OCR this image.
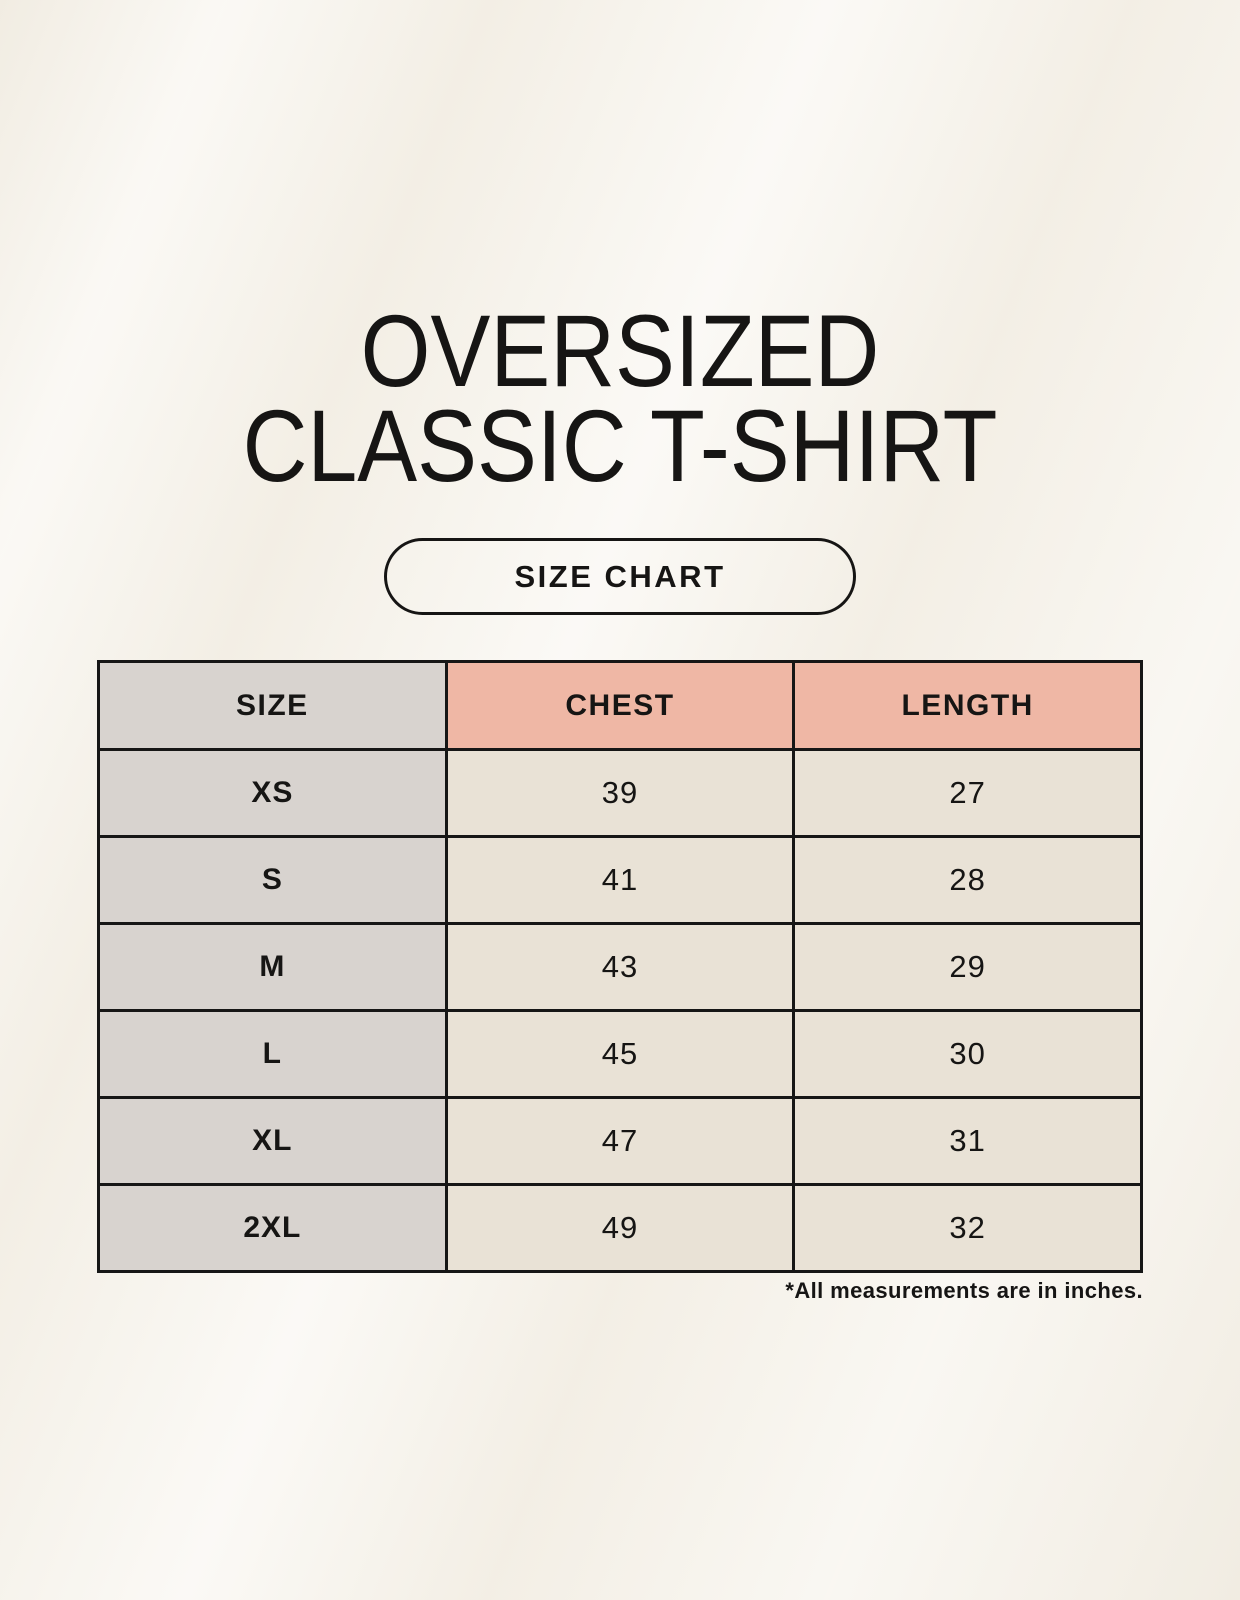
OVERSIZED
CLASSIC T-SHIRT
SIZE CHART
SIZE	CHEST	LENGTH
XS	39	27
S	41	28
M	43	29
L	45	30
XL	47	31
2XL	49	32
*All measurements are in inches.
